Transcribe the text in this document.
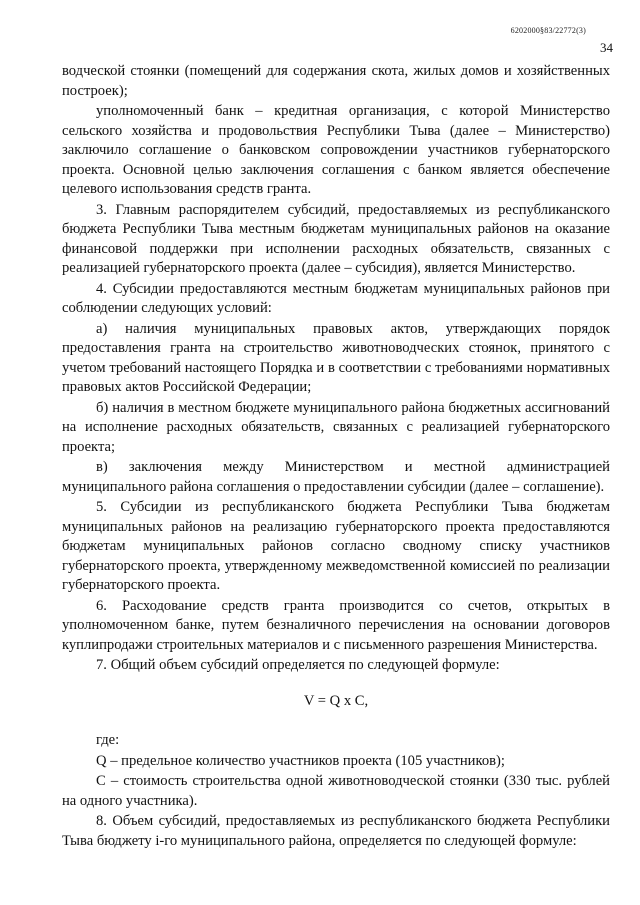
6202000§83/22772(3)
34

водческой стоянки (помещений для содержания скота, жилых домов и хозяйственных построек);

уполномоченный банк – кредитная организация, с которой Министерство сельского хозяйства и продовольствия Республики Тыва (далее – Министерство) заключило соглашение о банковском сопровождении участников губернаторского проекта. Основной целью заключения соглашения с банком является обеспечение целевого использования средств гранта.

3. Главным распорядителем субсидий, предоставляемых из республиканского бюджета Республики Тыва местным бюджетам муниципальных районов на оказание финансовой поддержки при исполнении расходных обязательств, связанных с реализацией губернаторского проекта (далее – субсидия), является Министерство.

4. Субсидии предоставляются местным бюджетам муниципальных районов при соблюдении следующих условий:

а) наличия муниципальных правовых актов, утверждающих порядок предоставления гранта на строительство животноводческих стоянок, принятого с учетом требований настоящего Порядка и в соответствии с требованиями нормативных правовых актов Российской Федерации;

б) наличия в местном бюджете муниципального района бюджетных ассигнований на исполнение расходных обязательств, связанных с реализацией губернаторского проекта;

в) заключения между Министерством и местной администрацией муниципального района соглашения о предоставлении субсидии (далее – соглашение).

5. Субсидии из республиканского бюджета Республики Тыва бюджетам муниципальных районов на реализацию губернаторского проекта предоставляются бюджетам муниципальных районов согласно сводному списку участников губернаторского проекта, утвержденному межведомственной комиссией по реализации губернаторского проекта.

6. Расходование средств гранта производится со счетов, открытых в уполномоченном банке, путем безналичного перечисления на основании договоров куплипродажи строительных материалов и с письменного разрешения Министерства.

7. Общий объем субсидий определяется по следующей формуле:

V = Q x C,

где:

Q – предельное количество участников проекта (105 участников);

С – стоимость строительства одной животноводческой стоянки (330 тыс. рублей на одного участника).

8. Объем субсидий, предоставляемых из республиканского бюджета Республики Тыва бюджету i-го муниципального района, определяется по следующей формуле:
